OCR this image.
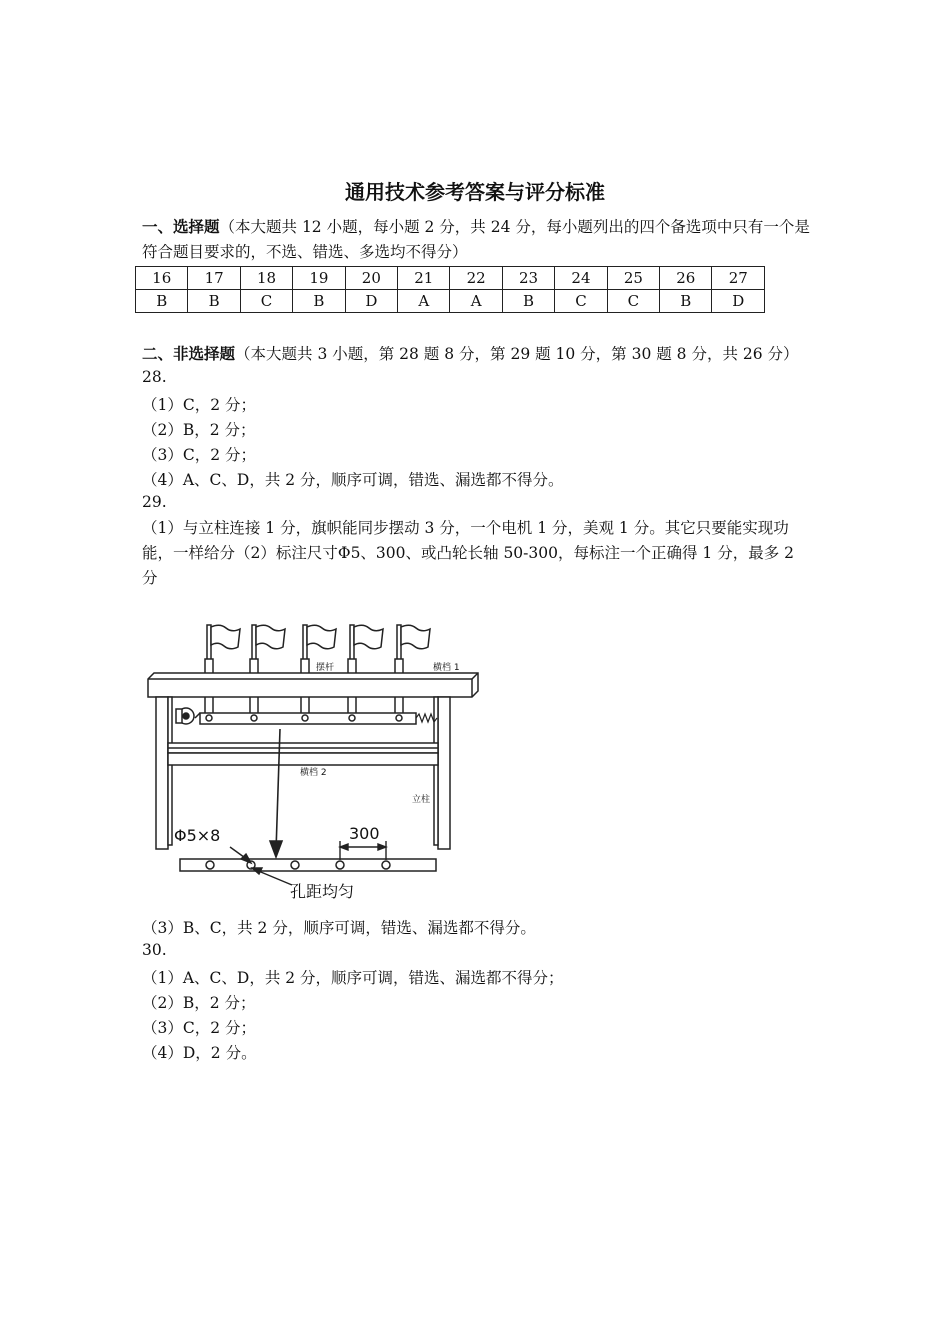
通用技术参考答案与评分标准
一、选择题（本大题共 12 小题，每小题 2 分，共 24 分，每小题列出的四个备选项中只有一个是符合题目要求的，不选、错选、多选均不得分）
16	17	18	19	20	21	22	23	24	25	26	27
B	B	C	B	D	A	A	B	C	C	B	D
二、非选择题（本大题共 3 小题，第 28 题 8 分，第 29 题 10 分，第 30 题 8 分，共 26 分）
28.
（1）C，2 分；
（2）B，2 分；
（3）C，2 分；
（4）A、C、D，共 2 分，顺序可调，错选、漏选都不得分。
29.
（1）与立柱连接 1 分，旗帜能同步摆动 3 分，一个电机 1 分，美观 1 分。其它只要能实现功能，一样给分（2）标注尺寸Φ5、300、或凸轮长轴 50-300，每标注一个正确得 1 分，最多 2 分
300
Φ5×8
孔距均匀
摆杆	横档 1
横档 2
立柱
（3）B、C，共 2 分，顺序可调，错选、漏选都不得分。
30.
（1）A、C、D，共 2 分，顺序可调，错选、漏选都不得分；
（2）B，2 分；
（3）C，2 分；
（4）D，2 分。
